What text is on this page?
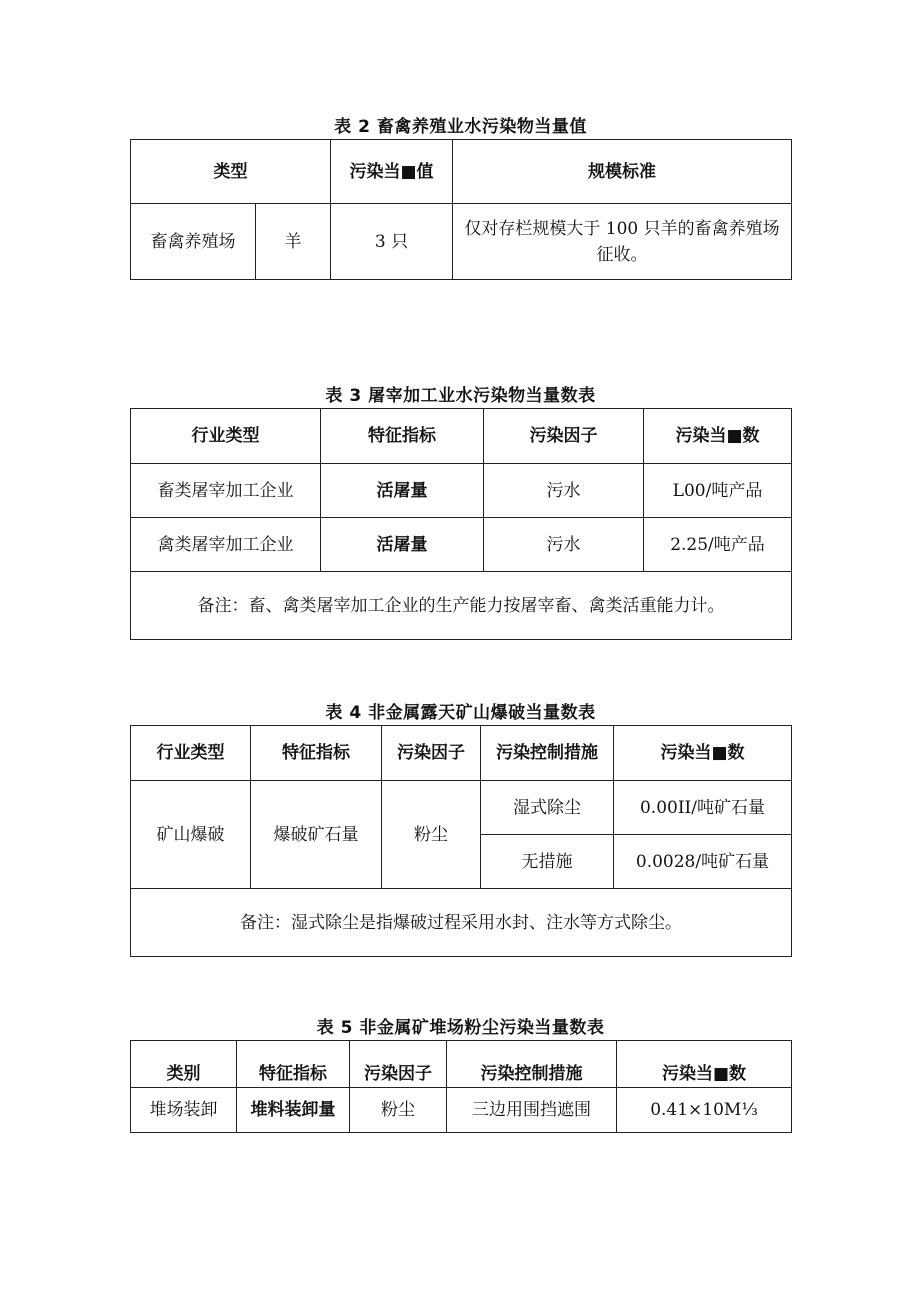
表 2 畜禽养殖业水污染物当量值
类型		污染当■值	规模标准
畜禽养殖场	羊	3 只	仅对存栏规模大于 100 只羊的畜禽养殖场征收。
表 3 屠宰加工业水污染物当量数表
行业类型	特征指标	污染因子	污染当■数
畜类屠宰加工企业	活屠量	污水	L00/吨产品
禽类屠宰加工企业	活屠量	污水	2.25/吨产品
备注：畜、禽类屠宰加工企业的生产能力按屠宰畜、禽类活重能力计。			
表 4 非金属露天矿山爆破当量数表
行业类型	特征指标	污染因子	污染控制措施	污染当■数
矿山爆破	爆破矿石量	粉尘	湿式除尘	0.00II/吨矿石量
			无措施	0.0028/吨矿石量
备注：湿式除尘是指爆破过程采用水封、注水等方式除尘。				
表 5 非金属矿堆场粉尘污染当量数表
类别	特征指标	污染因子	污染控制措施	污染当■数
堆场装卸	堆料装卸量	粉尘	三边用围挡遮围	0.41×10M⅓
